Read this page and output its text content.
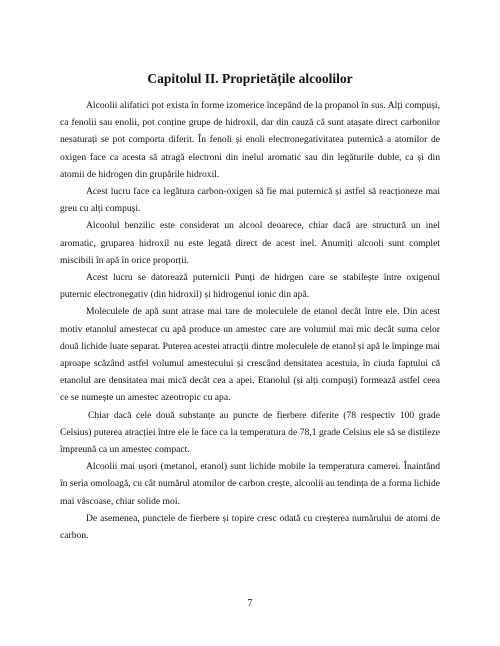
Capitolul II. Proprietățile alcoolilor

Alcoolii alifatici pot exista în forme izomerice începând de la propanol în sus. Alți compuși, ca fenolii sau enolii, pot conține grupe de hidroxil, dar din cauză că sunt atașate direct carbonilor nesaturați se pot comporta diferit. În fenoli și enoli electronegativitatea puternică a atomilor de oxigen face ca acesta să atragă electroni din inelul aromatic sau din legăturile duble, ca și din atomii de hidrogen din grupările hidroxil.

Acest lucru face ca legătura carbon-oxigen să fie mai puternică și astfel să reacționeze mai greu cu alți compuși.

Alcoolul benzilic este considerat un alcool deoarece, chiar dacă are structură un inel aromatic, gruparea hidroxil nu este legată direct de acest inel. Anumiți alcooli sunt complet miscibili în apă în orice proporții.

Acest lucru se datorează puternicii Punți de hidrgen care se stabilește între oxigenul puternic electronegativ (din hidroxil) și hidrogenul ionic din apă.

Moleculele de apă sunt atrase mai tare de moleculele de etanol decât între ele. Din acest motiv etanolul amestecat cu apă produce un amestec care are volumul mai mic decât suma celor două lichide luate separat. Puterea acestei atracții dintre moleculele de etanol și apă le împinge mai aproape scăzând astfel volumul amestecului și crescând densitatea acestuia, în ciuda faptului că etanolul are densitatea mai mică decât cea a apei. Etanolul (și alți compuși) formează astfel ceea ce se numește un amestec azeotropic cu apa.

Chiar dacă cele două substanțe au puncte de fierbere diferite (78 respectiv 100 grade Celsius) puterea atracției între ele le face ca la temperatura de 78,1 grade Celsius ele să se distileze împreună ca un amestec compact.

Alcoolii mai ușori (metanol, etanol) sunt lichide mobile la temperatura camerei. Înaintând în seria omoloagă, cu cât numărul atomilor de carbon crește, alcoolii au tendința de a forma lichide mai vâscoase, chiar solide moi.

De asemenea, punctele de fierbere și topire cresc odată cu creșterea numărului de atomi de carbon.

7
